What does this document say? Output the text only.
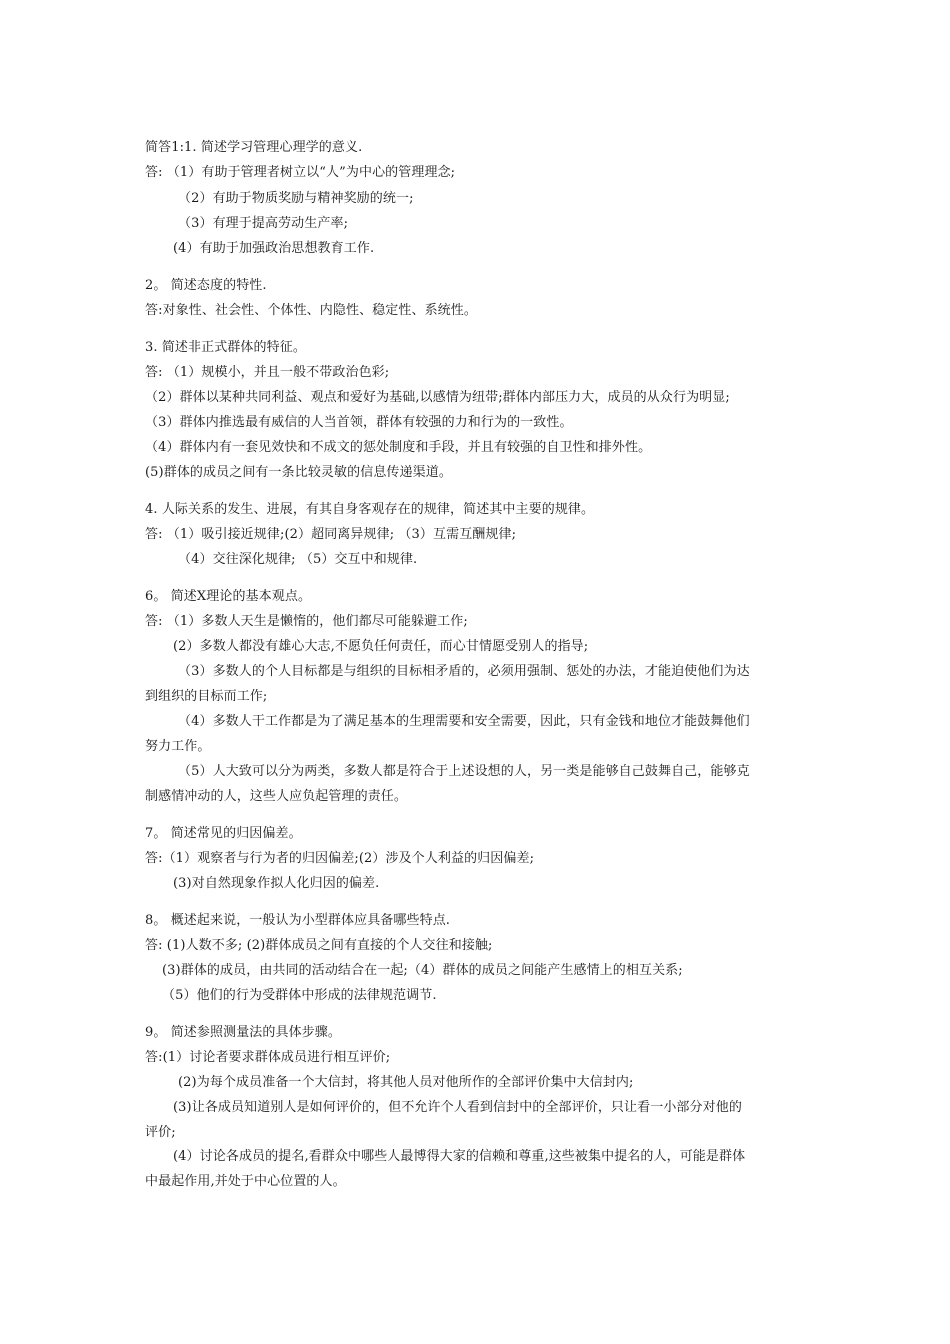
简答1:1. 简述学习管理心理学的意义.
答: （1）有助于管理者树立以“人”为中心的管理理念;
（2）有助于物质奖励与精神奖励的统一;
（3）有理于提高劳动生产率;
(4）有助于加强政治思想教育工作.
2。 简述态度的特性.
答:对象性、社会性、个体性、内隐性、稳定性、系统性。
3. 简述非正式群体的特征。
答: （1）规模小，并且一般不带政治色彩;
（2）群体以某种共同利益、观点和爱好为基础,以感情为纽带;群体内部压力大，成员的从众行为明显;
（3）群体内推选最有威信的人当首领，群体有较强的力和行为的一致性。
（4）群体内有一套见效快和不成文的惩处制度和手段，并且有较强的自卫性和排外性。
(5)群体的成员之间有一条比较灵敏的信息传递渠道。
4. 人际关系的发生、进展，有其自身客观存在的规律，简述其中主要的规律。
答: （1）吸引接近规律;(2）超同离异规律; （3）互需互酬规律;
（4）交往深化规律; （5）交互中和规律.
6。 简述X理论的基本观点。
答: （1）多数人天生是懒惰的，他们都尽可能躲避工作;
(2）多数人都没有雄心大志,不愿负任何责任，而心甘情愿受别人的指导;
（3）多数人的个人目标都是与组织的目标相矛盾的，必须用强制、惩处的办法，才能迫使他们为达
到组织的目标而工作;
（4）多数人干工作都是为了满足基本的生理需要和安全需要，因此，只有金钱和地位才能鼓舞他们
努力工作。
（5）人大致可以分为两类，多数人都是符合于上述设想的人，另一类是能够自己鼓舞自己，能够克
制感情冲动的人，这些人应负起管理的责任。
7。 简述常见的归因偏差。
答:（1）观察者与行为者的归因偏差;(2）涉及个人利益的归因偏差;
(3)对自然现象作拟人化归因的偏差.
8。 概述起来说，一般认为小型群体应具备哪些特点.
答: (1)人数不多; (2)群体成员之间有直接的个人交往和接触;
(3)群体的成员，由共同的活动结合在一起;（4）群体的成员之间能产生感情上的相互关系;
（5）他们的行为受群体中形成的法律规范调节.
9。 简述参照测量法的具体步骤。
答:(1）讨论者要求群体成员进行相互评价;
(2)为每个成员准备一个大信封，将其他人员对他所作的全部评价集中大信封内;
(3)让各成员知道别人是如何评价的，但不允许个人看到信封中的全部评价，只让看一小部分对他的
评价;
(4）讨论各成员的提名,看群众中哪些人最博得大家的信赖和尊重,这些被集中提名的人，可能是群体
中最起作用,并处于中心位置的人。
